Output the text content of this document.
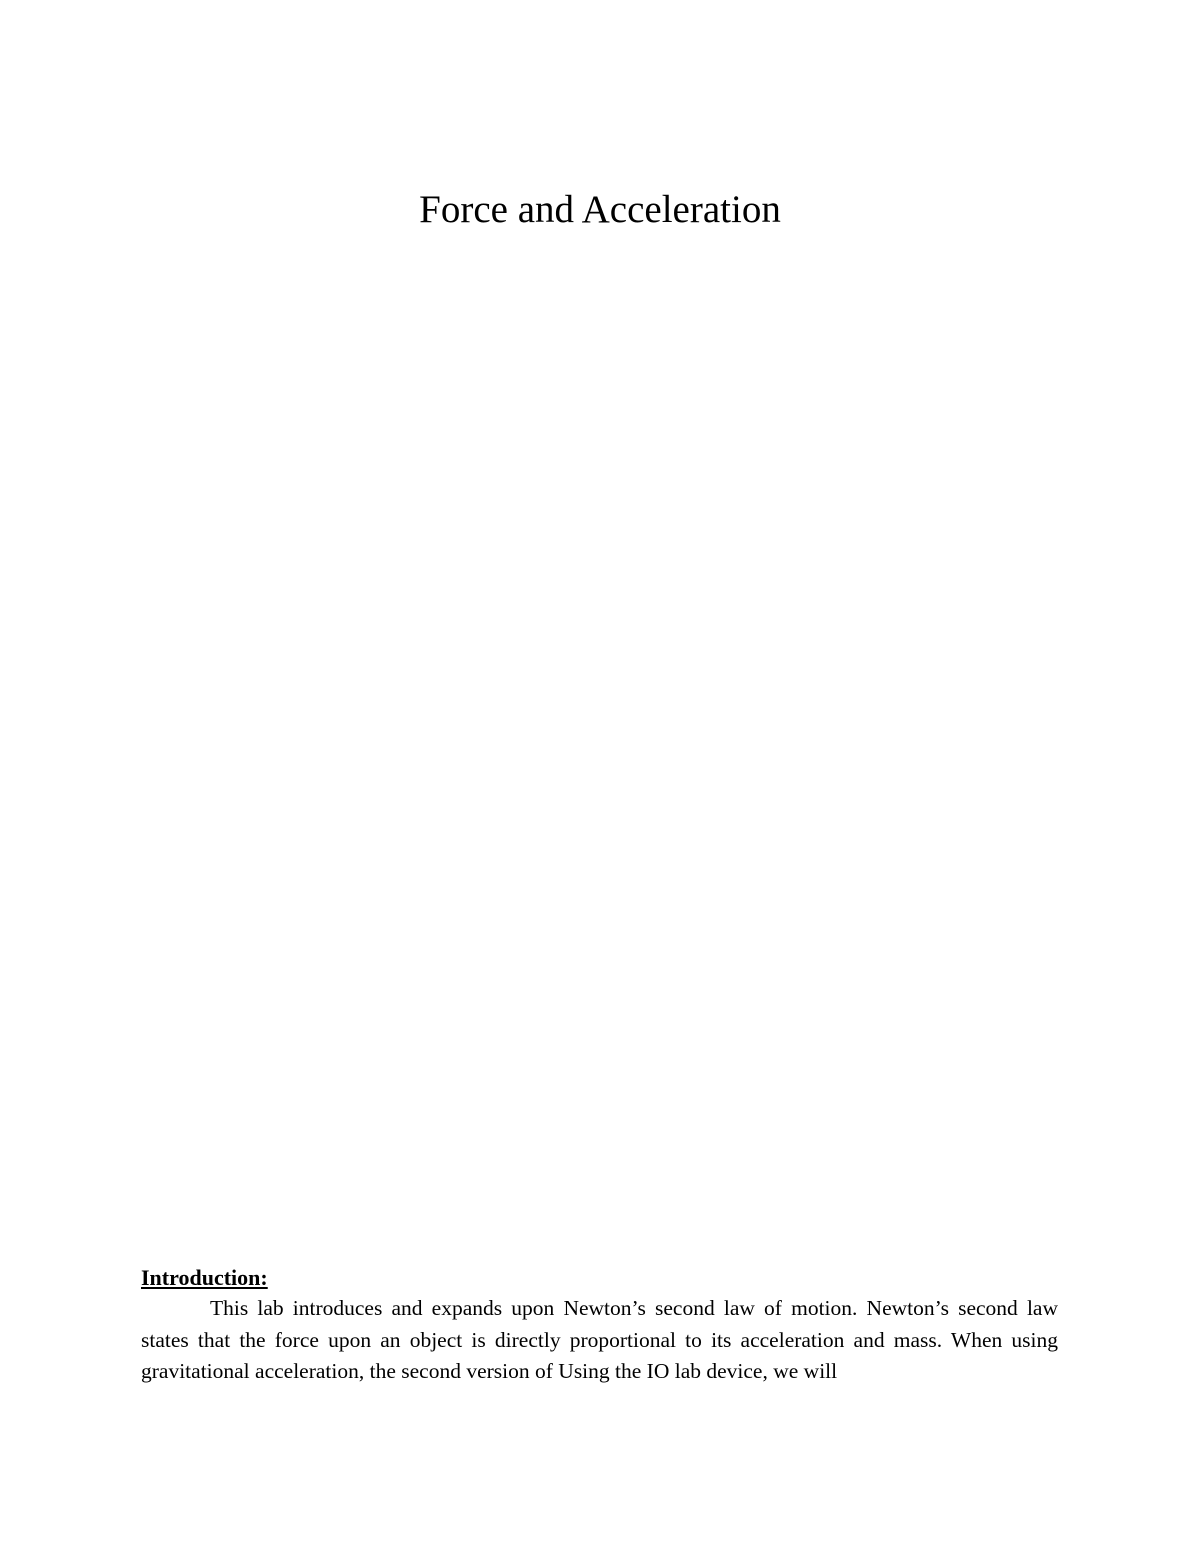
Force and Acceleration

Introduction:

This lab introduces and expands upon Newton’s second law of motion. Newton’s second law states that the force upon an object is directly proportional to its acceleration and mass. When using gravitational acceleration, the second version of Using the IO lab device, we will
